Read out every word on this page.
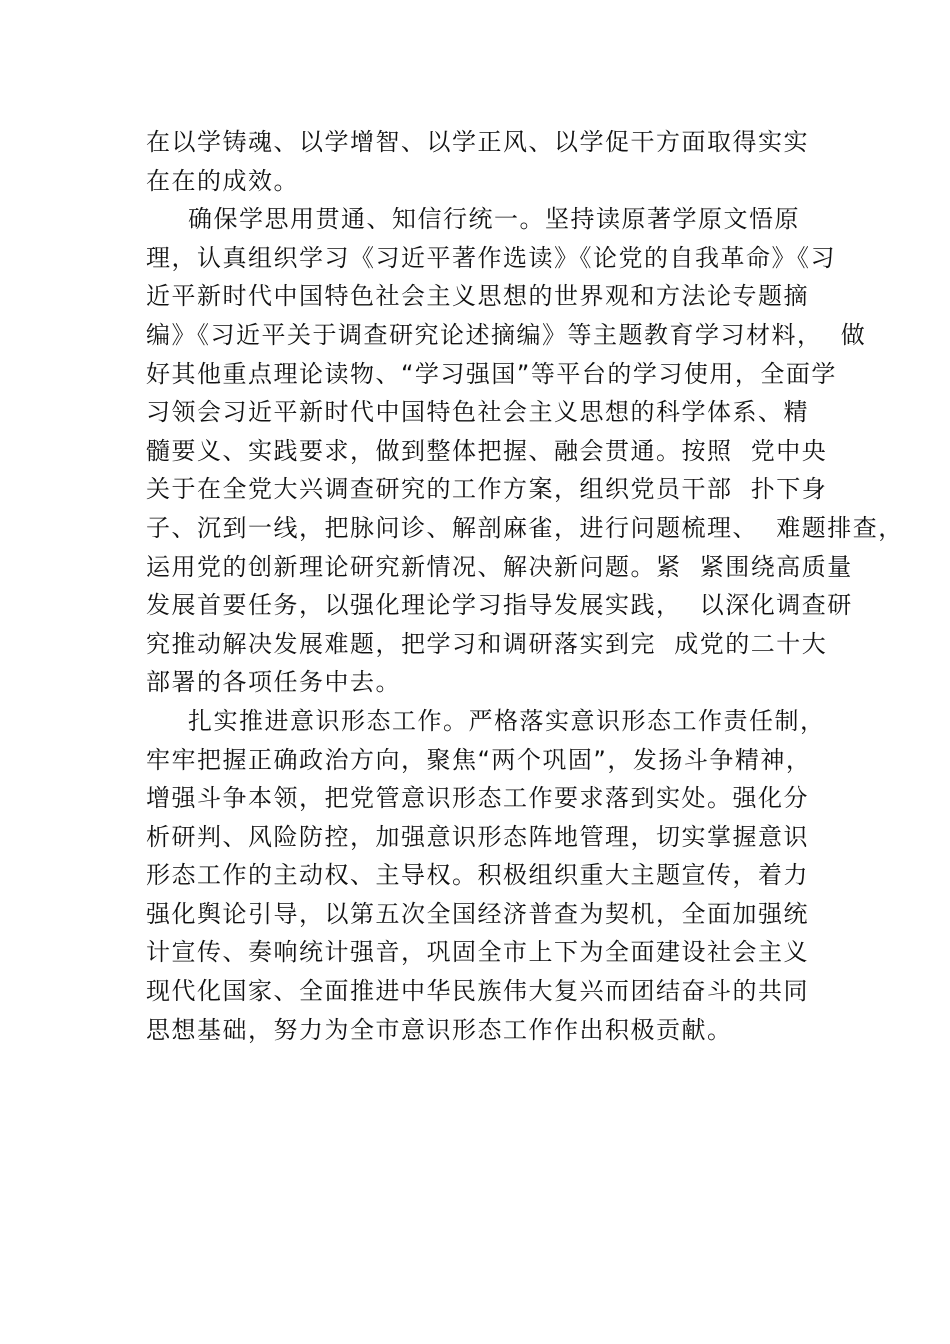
在以学铸魂、以学增智、以学正风、以学促干方面取得实实
在在的成效。
确保学思用贯通、知信行统一。坚持读原著学原文悟原
理，认真组织学习《习近平著作选读》《论党的自我革命》《习
近平新时代中国特色社会主义思想的世界观和方法论专题摘
编》《习近平关于调查研究论述摘编》等主题教育学习材料，  做
好其他重点理论读物、“学习强国”等平台的学习使用，全面学
习领会习近平新时代中国特色社会主义思想的科学体系、精
髓要义、实践要求，做到整体把握、融会贯通。按照  党中央
关于在全党大兴调查研究的工作方案，组织党员干部  扑下身
子、沉到一线，把脉问诊、解剖麻雀，进行问题梳理、  难题排查，
运用党的创新理论研究新情况、解决新问题。紧  紧围绕高质量
发展首要任务，以强化理论学习指导发展实践，  以深化调查研
究推动解决发展难题，把学习和调研落实到完  成党的二十大
部署的各项任务中去。
扎实推进意识形态工作。严格落实意识形态工作责任制，
牢牢把握正确政治方向，聚焦“两个巩固”，发扬斗争精神，
增强斗争本领，把党管意识形态工作要求落到实处。强化分
析研判、风险防控，加强意识形态阵地管理，切实掌握意识
形态工作的主动权、主导权。积极组织重大主题宣传，着力
强化舆论引导，以第五次全国经济普查为契机，全面加强统
计宣传、奏响统计强音，巩固全市上下为全面建设社会主义
现代化国家、全面推进中华民族伟大复兴而团结奋斗的共同
思想基础，努力为全市意识形态工作作出积极贡献。
